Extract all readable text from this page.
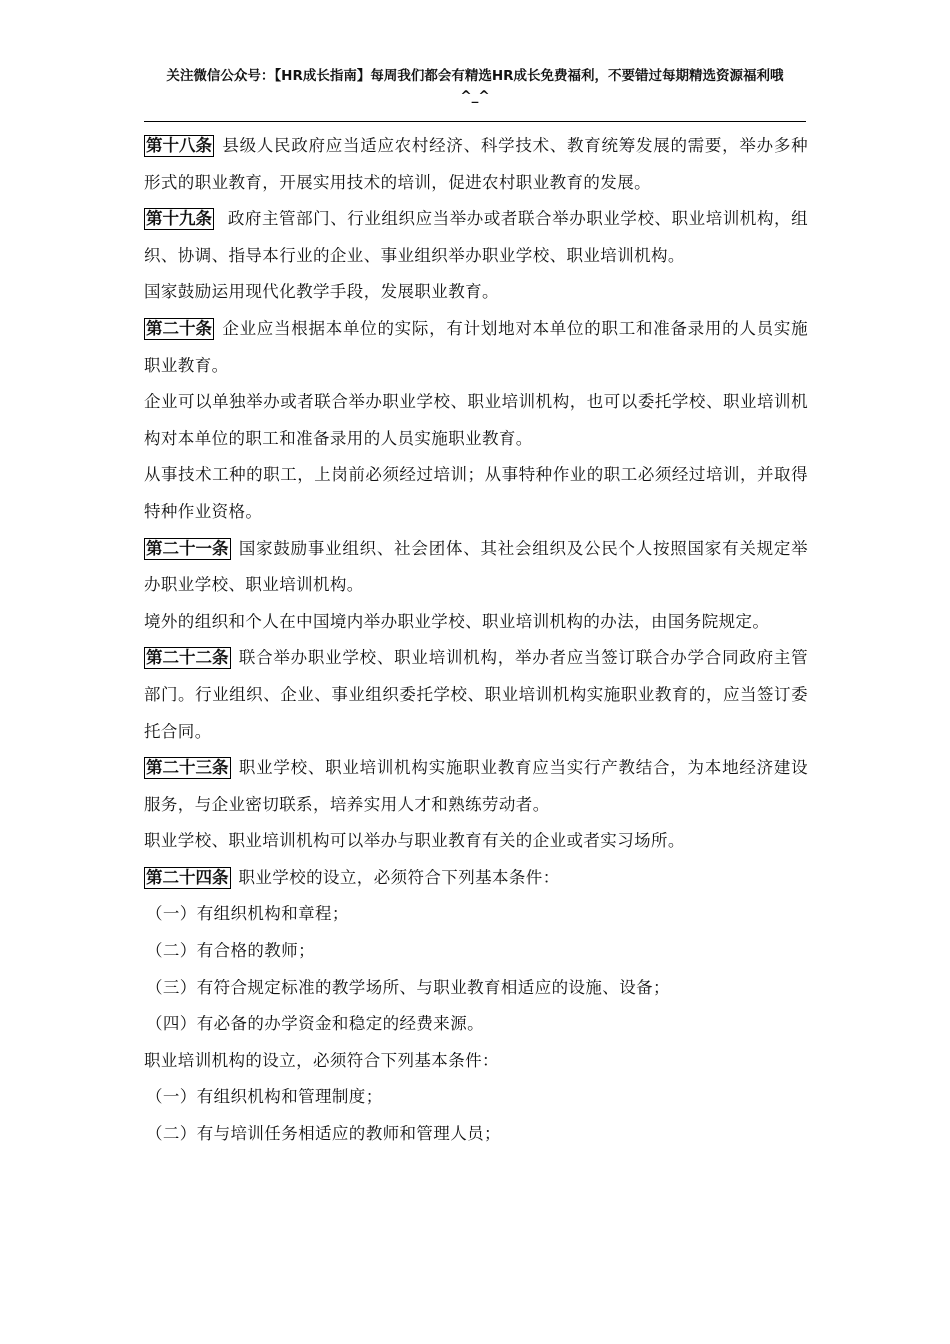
关注微信公众号：【HR成长指南】每周我们都会有精选HR成长免费福利，不要错过每期精选资源福利哦
^_^

第十八条 县级人民政府应当适应农村经济、科学技术、教育统筹发展的需要，举办多种形式的职业教育，开展实用技术的培训，促进农村职业教育的发展。

第十九条 政府主管部门、行业组织应当举办或者联合举办职业学校、职业培训机构，组织、协调、指导本行业的企业、事业组织举办职业学校、职业培训机构。

国家鼓励运用现代化教学手段，发展职业教育。

第二十条 企业应当根据本单位的实际，有计划地对本单位的职工和准备录用的人员实施职业教育。

企业可以单独举办或者联合举办职业学校、职业培训机构，也可以委托学校、职业培训机构对本单位的职工和准备录用的人员实施职业教育。

从事技术工种的职工，上岗前必须经过培训；从事特种作业的职工必须经过培训，并取得特种作业资格。

第二十一条 国家鼓励事业组织、社会团体、其社会组织及公民个人按照国家有关规定举办职业学校、职业培训机构。

境外的组织和个人在中国境内举办职业学校、职业培训机构的办法，由国务院规定。

第二十二条 联合举办职业学校、职业培训机构，举办者应当签订联合办学合同政府主管部门。行业组织、企业、事业组织委托学校、职业培训机构实施职业教育的，应当签订委托合同。

第二十三条 职业学校、职业培训机构实施职业教育应当实行产教结合，为本地经济建设服务，与企业密切联系，培养实用人才和熟练劳动者。

职业学校、职业培训机构可以举办与职业教育有关的企业或者实习场所。

第二十四条 职业学校的设立，必须符合下列基本条件：

（一）有组织机构和章程；

（二）有合格的教师；

（三）有符合规定标准的教学场所、与职业教育相适应的设施、设备；

（四）有必备的办学资金和稳定的经费来源。

职业培训机构的设立，必须符合下列基本条件：

（一）有组织机构和管理制度；

（二）有与培训任务相适应的教师和管理人员；
